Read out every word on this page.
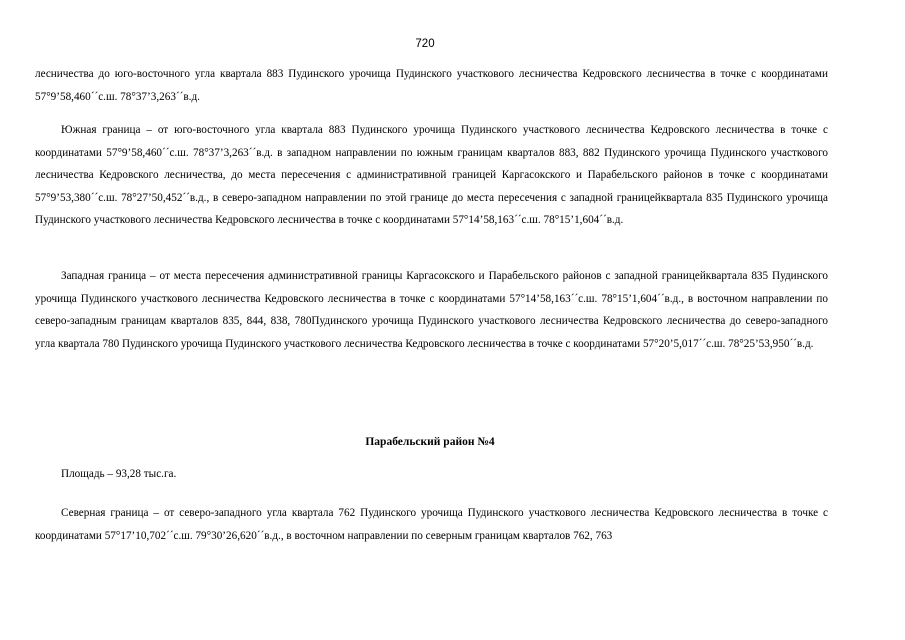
720

лесничества до юго-восточного угла квартала 883 Пудинского урочища Пудинского участкового лесничества Кедровского лесничества в точке с координатами 57°9’58,460´´с.ш. 78°37’3,263´´в.д.

Южная граница – от юго-восточного угла квартала 883 Пудинского урочища Пудинского участкового лесничества Кедровского лесничества в точке с координатами 57°9’58,460´´с.ш. 78°37’3,263´´в.д. в западном направлении по южным границам кварталов 883, 882 Пудинского урочища Пудинского участкового лесничества Кедровского лесничества, до места пересечения с административной границей Каргасокского и Парабельского районов в точке с координатами 57°9’53,380´´с.ш. 78°27’50,452´´в.д., в северо-западном направлении по этой границе до места пересечения с западной границейквартала 835 Пудинского урочища Пудинского участкового лесничества Кедровского лесничества в точке с координатами 57°14’58,163´´с.ш. 78°15’1,604´´в.д.

Западная граница – от места пересечения административной границы Каргасокского и Парабельского районов с западной границейквартала 835 Пудинского урочища Пудинского участкового лесничества Кедровского лесничества в точке с координатами 57°14’58,163´´с.ш. 78°15’1,604´´в.д., в восточном направлении по северо-западным границам кварталов 835, 844, 838, 780Пудинского урочища Пудинского участкового лесничества Кедровского лесничества до северо-западного угла квартала 780 Пудинского урочища Пудинского участкового лесничества Кедровского лесничества в точке с координатами 57°20’5,017´´с.ш. 78°25’53,950´´в.д.

Парабельский район №4

Площадь – 93,28 тыс.га.

Северная граница – от северо-западного угла квартала 762 Пудинского урочища Пудинского участкового лесничества Кедровского лесничества в точке с координатами 57°17’10,702´´с.ш. 79°30’26,620´´в.д., в восточном направлении по северным границам кварталов 762, 763
